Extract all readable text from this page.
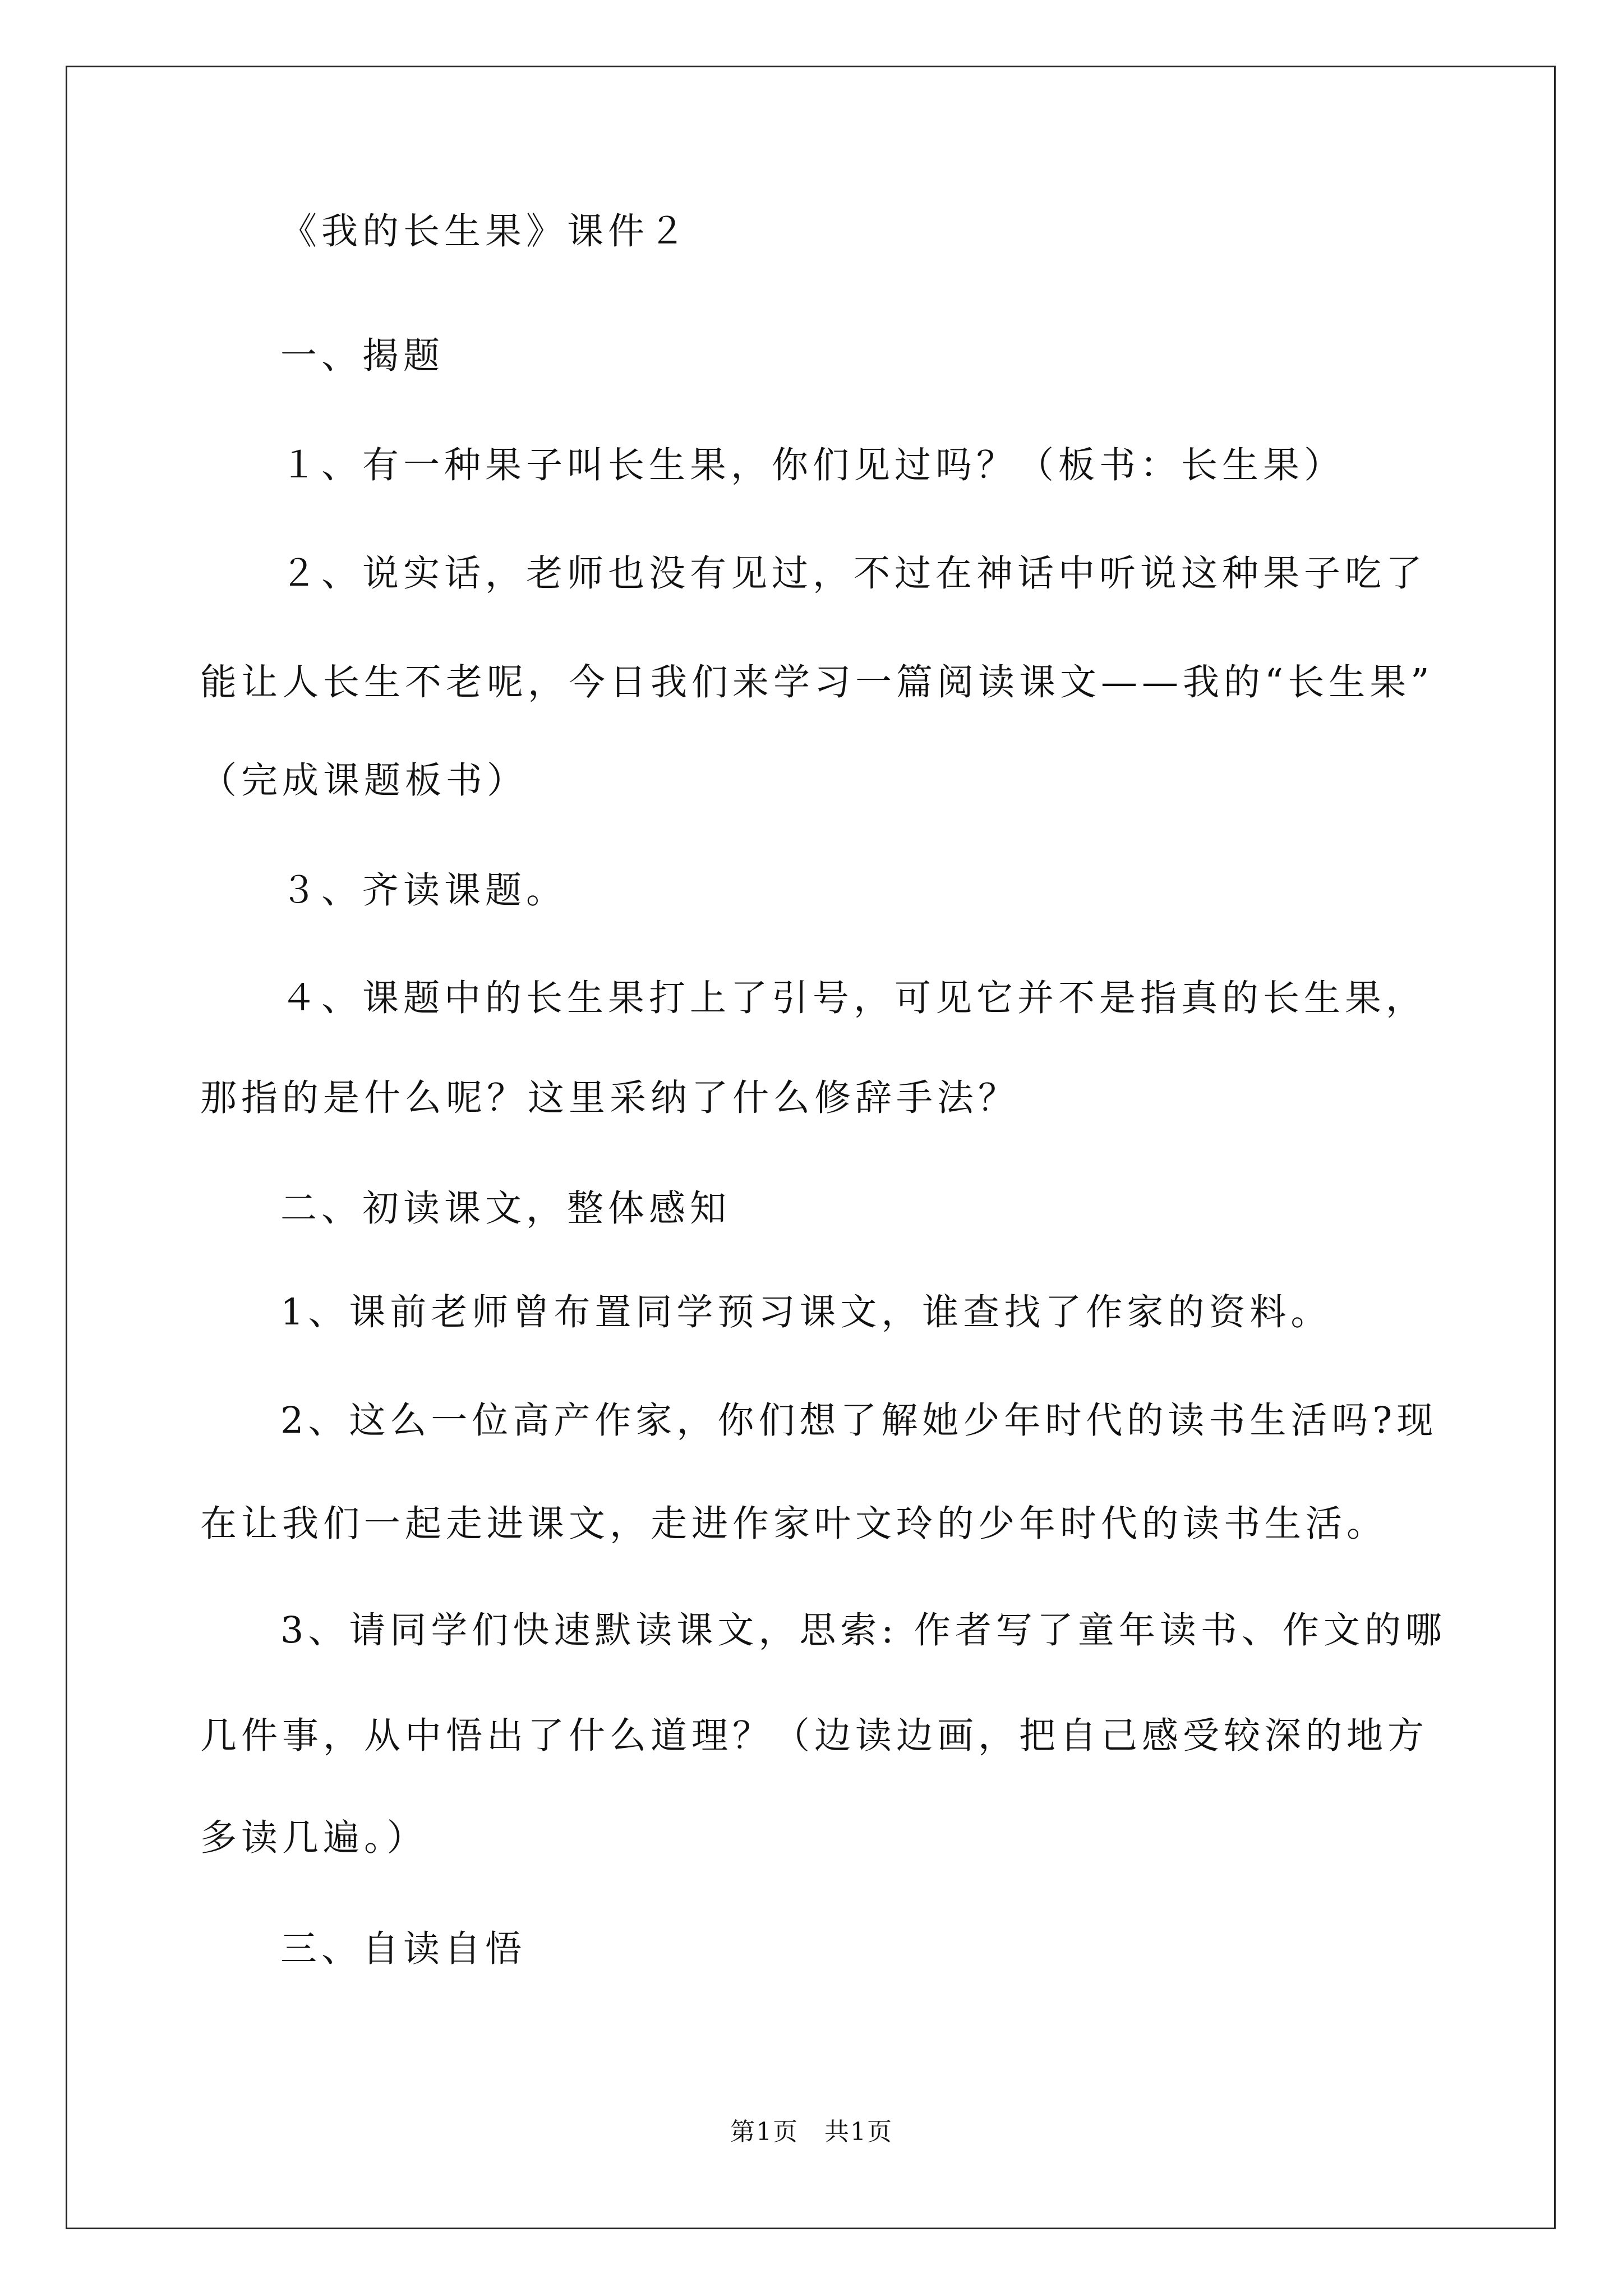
《我的长生果》课件２
一、揭题
１、有一种果子叫长生果，你们见过吗？（板书：长生果）
２、说实话，老师也没有见过，不过在神话中听说这种果子吃了
能让人长生不老呢，今日我们来学习一篇阅读课文——我的“长生果”
（完成课题板书）
３、齐读课题。
４、课题中的长生果打上了引号，可见它并不是指真的长生果，
那指的是什么呢？这里采纳了什么修辞手法？
二、初读课文，整体感知
1、课前老师曾布置同学预习课文，谁查找了作家的资料。
2、这么一位高产作家，你们想了解她少年时代的读书生活吗?现
在让我们一起走进课文，走进作家叶文玲的少年时代的读书生活。
3、请同学们快速默读课文，思索: 作者写了童年读书、作文的哪
几件事，从中悟出了什么道理？（边读边画，把自己感受较深的地方
多读几遍。）
三、自读自悟
第1页　共1页
